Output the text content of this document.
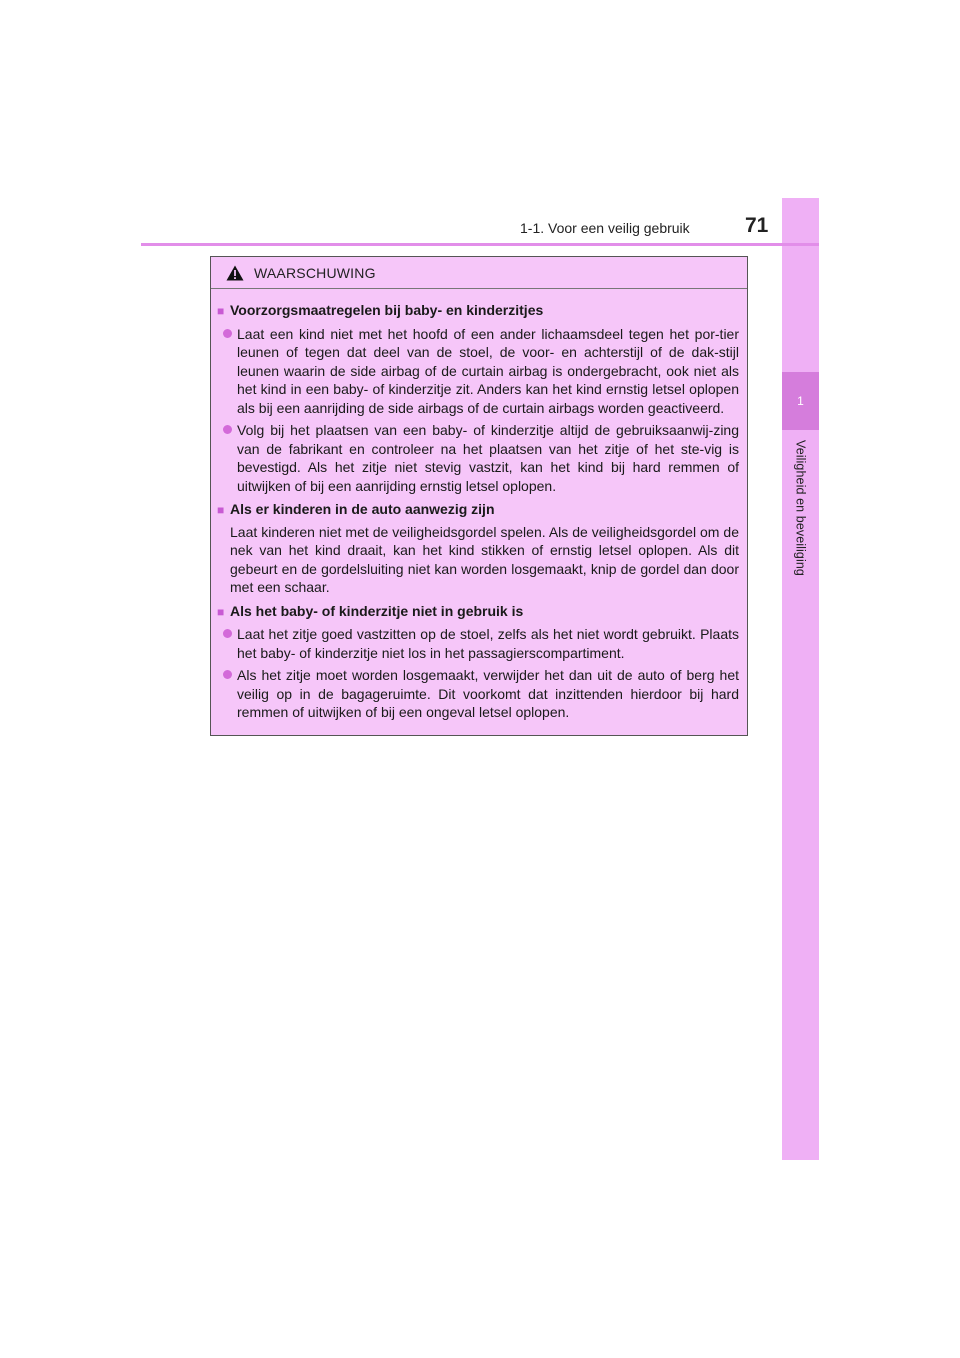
1
Veiligheid en beveiliging
1-1. Voor een veilig gebruik	71
WAARSCHUWING
■ Voorzorgsmaatregelen bij baby- en kinderzitjes
Laat een kind niet met het hoofd of een ander lichaamsdeel tegen het por-tier leunen of tegen dat deel van de stoel, de voor- en achterstijl of de dak-stijl leunen waarin de side airbag of de curtain airbag is ondergebracht, ook niet als het kind in een baby- of kinderzitje zit. Anders kan het kind ernstig letsel oplopen als bij een aanrijding de side airbags of de curtain airbags worden geactiveerd.
Volg bij het plaatsen van een baby- of kinderzitje altijd de gebruiksaanwij-zing van de fabrikant en controleer na het plaatsen van het zitje of het ste-vig is bevestigd. Als het zitje niet stevig vastzit, kan het kind bij hard remmen of uitwijken of bij een aanrijding ernstig letsel oplopen.
■ Als er kinderen in de auto aanwezig zijn
Laat kinderen niet met de veiligheidsgordel spelen. Als de veiligheidsgordel om de nek van het kind draait, kan het kind stikken of ernstig letsel oplopen. Als dit gebeurt en de gordelsluiting niet kan worden losgemaakt, knip de gordel dan door met een schaar.
■ Als het baby- of kinderzitje niet in gebruik is
Laat het zitje goed vastzitten op de stoel, zelfs als het niet wordt gebruikt. Plaats het baby- of kinderzitje niet los in het passagierscompartiment.
Als het zitje moet worden losgemaakt, verwijder het dan uit de auto of berg het veilig op in de bagageruimte. Dit voorkomt dat inzittenden hierdoor bij hard remmen of uitwijken of bij een ongeval letsel oplopen.
